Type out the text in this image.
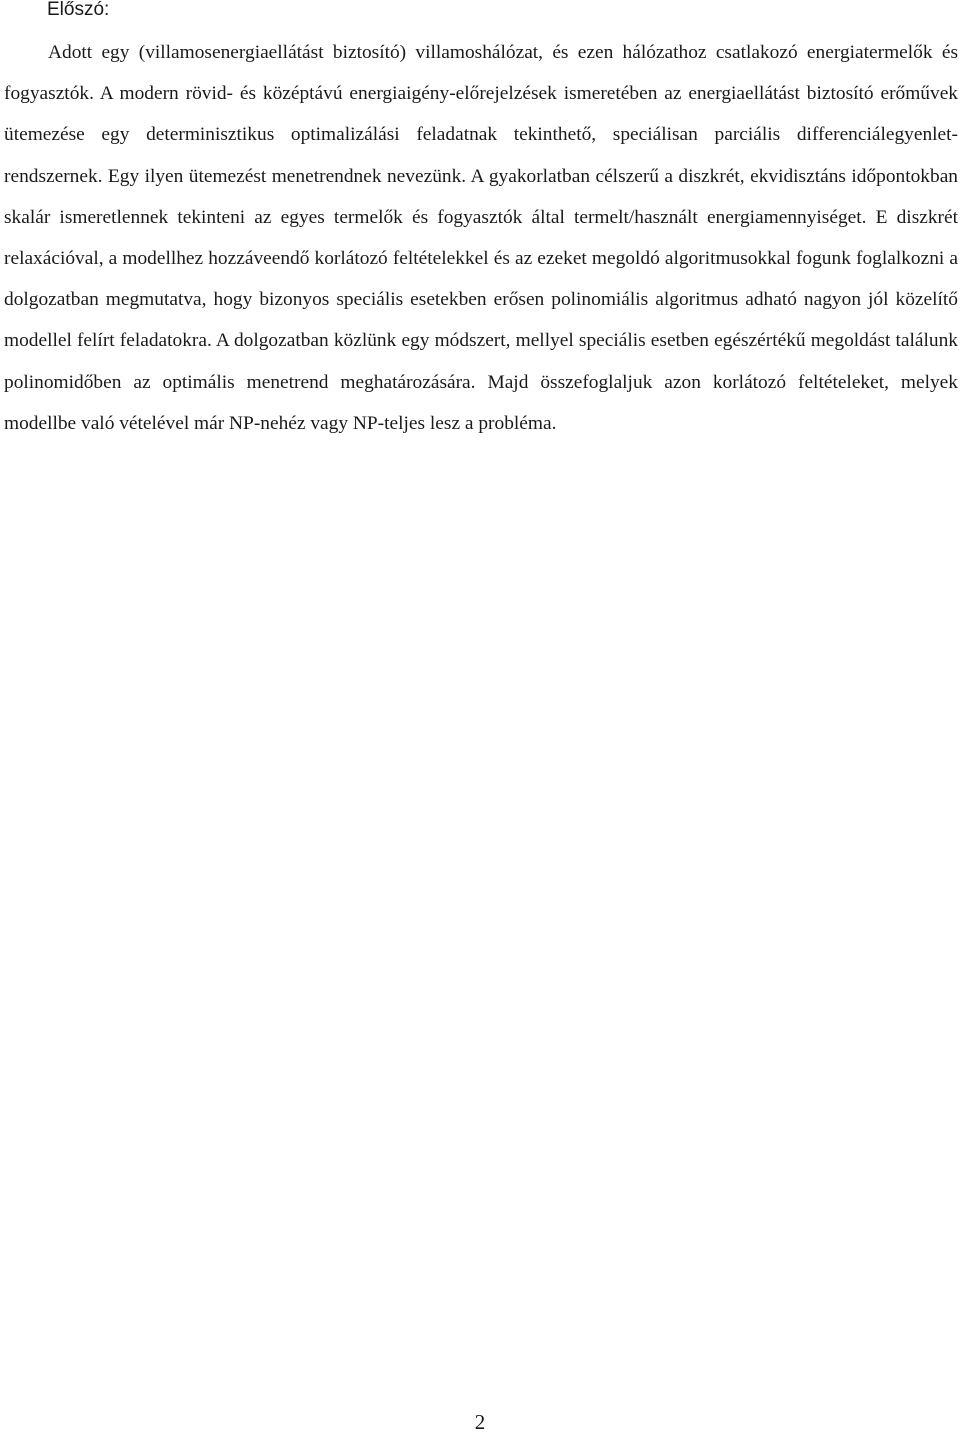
Előszó:

Adott egy (villamosenergiaellátást biztosító) villamoshálózat, és ezen hálózathoz csatlakozó energiatermelők és fogyasztók. A modern rövid- és középtávú energiaigény-előrejelzések ismeretében az energiaellátást biztosító erőművek ütemezése egy determinisztikus optimalizálási feladatnak tekinthető, speciálisan parciális differenciálegyenlet-rendszernek. Egy ilyen ütemezést menetrendnek nevezünk. A gyakorlatban célszerű a diszkrét, ekvidisztáns időpontokban skalár ismeretlennek tekinteni az egyes termelők és fogyasztók által termelt/használt energiamennyiséget. E diszkrét relaxációval, a modellhez hozzáveendő korlátozó feltételekkel és az ezeket megoldó algoritmusokkal fogunk foglalkozni a dolgozatban megmutatva, hogy bizonyos speciális esetekben erősen polinomiális algoritmus adható nagyon jól közelítő modellel felírt feladatokra. A dolgozatban közlünk egy módszert, mellyel speciális esetben egészértékű megoldást találunk polinomidőben az optimális menetrend meghatározására. Majd összefoglaljuk azon korlátozó feltételeket, melyek modellbe való vételével már NP-nehéz vagy NP-teljes lesz a probléma.

2
